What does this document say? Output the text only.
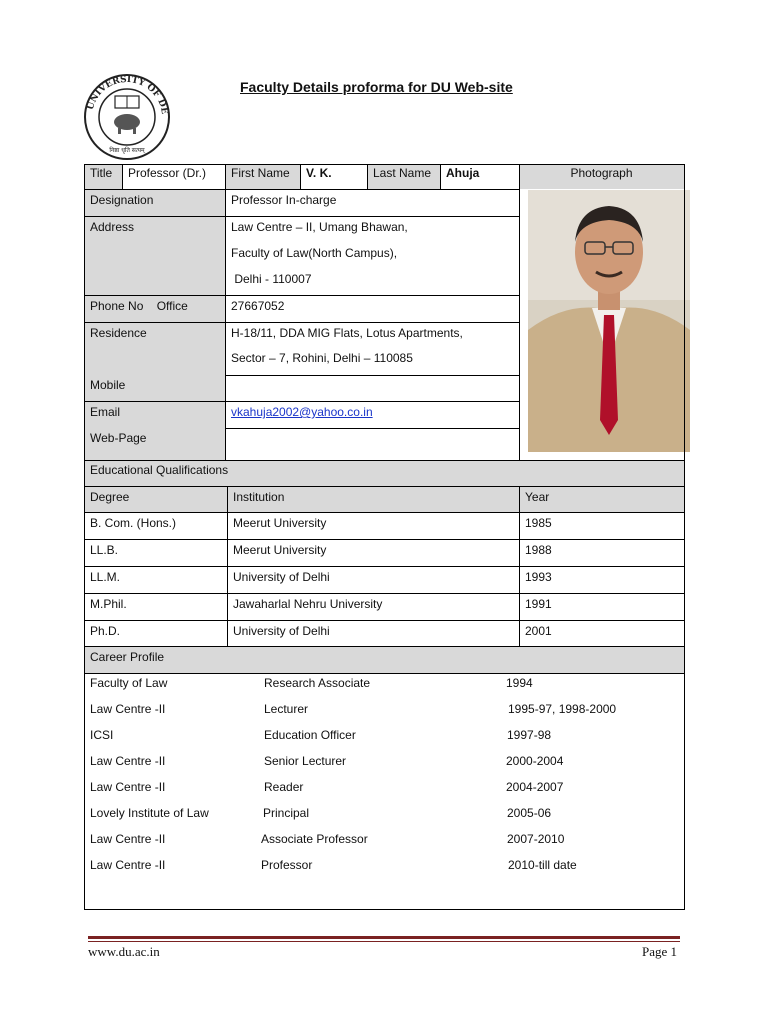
UNIVERSITY OF DE
निष्ठा धृति सत्यम्
Faculty Details proforma for DU Web-site
Title	Professor (Dr.)	First Name	V. K.	Last Name	Ahuja	Photograph
Designation	Professor In-charge
Address	Law Centre – II, Umang Bhawan,
Faculty of Law(North Campus),
Delhi - 110007
Phone No    Office	27667052
Residence	H-18/11, DDA MIG Flats, Lotus Apartments,
Sector – 7, Rohini, Delhi – 110085
Mobile
Email	vkahuja2002@yahoo.co.in
Web-Page
Educational Qualifications
Degree	Institution	Year
B. Com. (Hons.)	Meerut University	1985
LL.B.	Meerut University	1988
LL.M.	University of Delhi	1993
M.Phil.	Jawaharlal Nehru University	1991
Ph.D.	University of Delhi	2001
Career Profile
Faculty of Law	Research Associate	1994
Law Centre -II	Lecturer	1995-97, 1998-2000
ICSI	Education Officer	1997-98
Law Centre -II	Senior Lecturer	2000-2004
Law Centre -II	Reader	2004-2007
Lovely Institute of Law	Principal	2005-06
Law Centre -II	Associate Professor	2007-2010
Law Centre -II	Professor	2010-till date
www.du.ac.in	Page 1
